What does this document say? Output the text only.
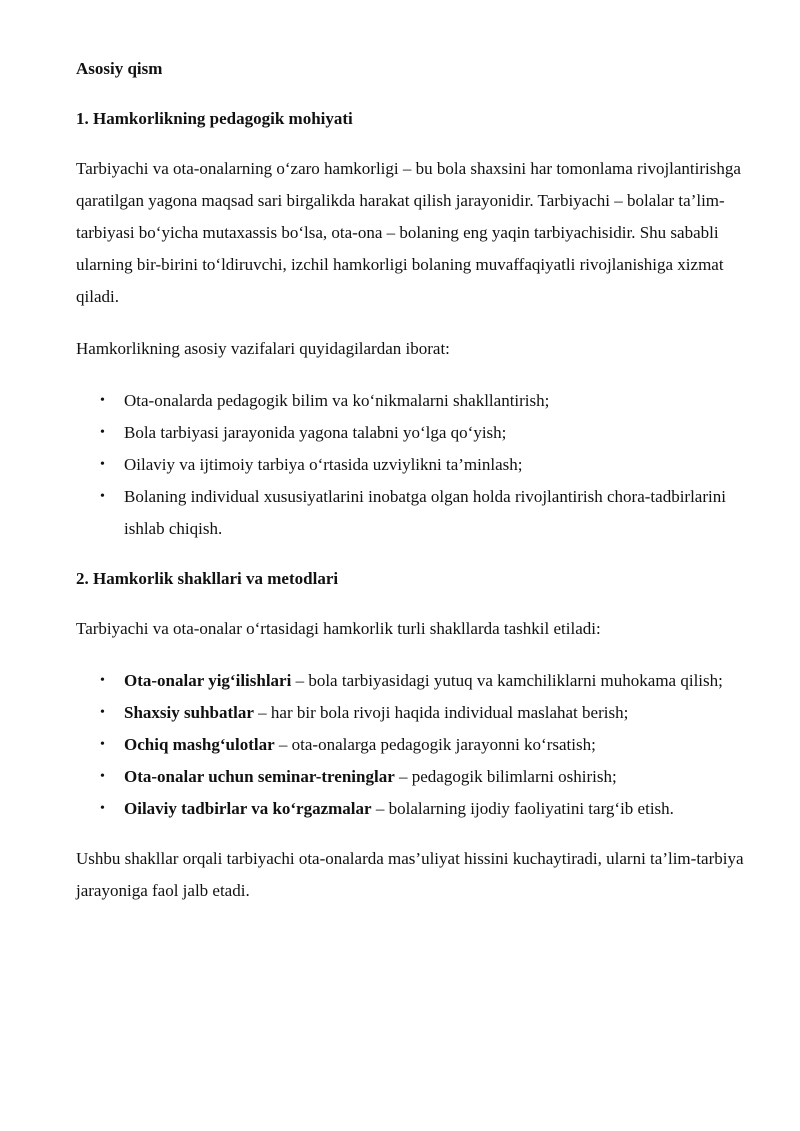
Asosiy qism
1. Hamkorlikning pedagogik mohiyati

Tarbiyachi va ota-onalarning o‘zaro hamkorligi – bu bola shaxsini har tomonlama rivojlantirishga qaratilgan yagona maqsad sari birgalikda harakat qilish jarayonidir. Tarbiyachi – bolalar ta’lim-tarbiyasi bo‘yicha mutaxassis bo‘lsa, ota-ona – bolaning eng yaqin tarbiyachisidir. Shu sababli ularning bir-birini to‘ldiruvchi, izchil hamkorligi bolaning muvaffaqiyatli rivojlanishiga xizmat qiladi.

Hamkorlikning asosiy vazifalari quyidagilardan iborat:

• Ota-onalarda pedagogik bilim va ko‘nikmalarni shakllantirish;
• Bola tarbiyasi jarayonida yagona talabni yo‘lga qo‘yish;
• Oilaviy va ijtimoiy tarbiya o‘rtasida uzviylikni ta’minlash;
• Bolaning individual xususiyatlarini inobatga olgan holda rivojlantirish chora-tadbirlarini ishlab chiqish.
2. Hamkorlik shakllari va metodlari

Tarbiyachi va ota-onalar o‘rtasidagi hamkorlik turli shakllarda tashkil etiladi:

• Ota-onalar yig‘ilishlari – bola tarbiyasidagi yutuq va kamchiliklarni muhokama qilish;
• Shaxsiy suhbatlar – har bir bola rivoji haqida individual maslahat berish;
• Ochiq mashg‘ulotlar – ota-onalarga pedagogik jarayonni ko‘rsatish;
• Ota-onalar uchun seminar-treninglar – pedagogik bilimlarni oshirish;
• Oilaviy tadbirlar va ko‘rgazmalar – bolalarning ijodiy faoliyatini targ‘ib etish.

Ushbu shakllar orqali tarbiyachi ota-onalarda mas’uliyat hissini kuchaytiradi, ularni ta’lim-tarbiya jarayoniga faol jalb etadi.
